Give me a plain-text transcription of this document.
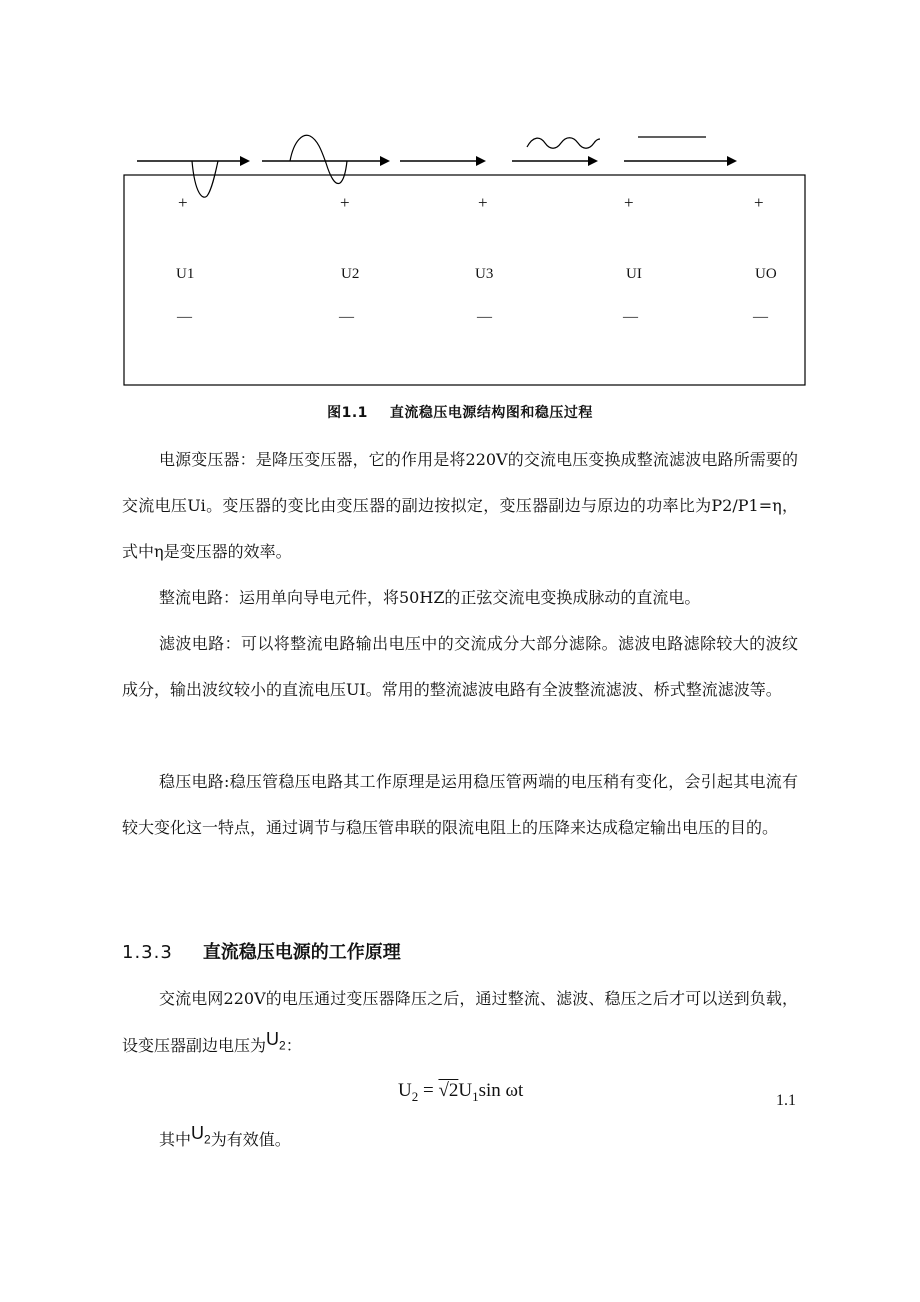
+
U1
—
+
U2
—
+
U3
—
+
UI
—
+
UO
—
图1.1 直流稳压电源结构图和稳压过程

电源变压器：是降压变压器，它的作用是将220V的交流电压变换成整流滤波电路所需要的交流电压Ui。变压器的变比由变压器的副边按拟定，变压器副边与原边的功率比为P2/P1=η，式中η是变压器的效率。

整流电路：运用单向导电元件，将50HZ的正弦交流电变换成脉动的直流电。

滤波电路：可以将整流电路输出电压中的交流成分大部分滤除。滤波电路滤除较大的波纹成分，输出波纹较小的直流电压UI。常用的整流滤波电路有全波整流滤波、桥式整流滤波等。

稳压电路:稳压管稳压电路其工作原理是运用稳压管两端的电压稍有变化，会引起其电流有较大变化这一特点，通过调节与稳压管串联的限流电阻上的压降来达成稳定输出电压的目的。

1.3.3 直流稳压电源的工作原理

交流电网220V的电压通过变压器降压之后，通过整流、滤波、稳压之后才可以送到负载，设变压器副边电压为$U_2$：

$U_2 = √2U_1\sin$ ωt	1.1

其中$U_2$为有效值。
